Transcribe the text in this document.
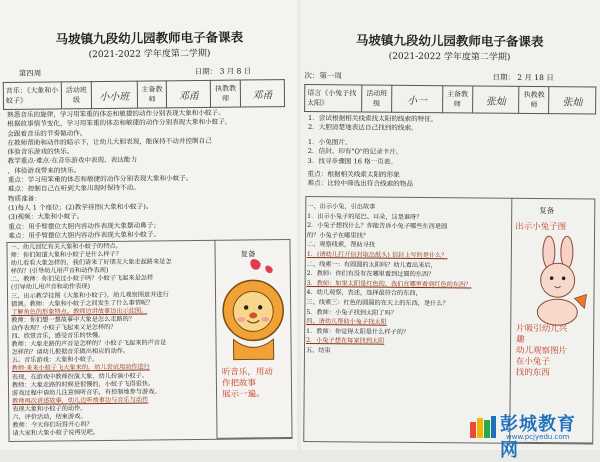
马坡镇九段幼儿园教师电子备课表
(2021-2022 学年度第二学期)
第四周	日期： 3 月 8 日
音乐：《大象和小蚊子》	活动班级	小小班	主备教师	邓甬	执教教师	邓甬
熟悉音乐的旋律，学习用笨重的体态和敏捷的动作分别表现大象和小蚊子。
根据故事情节变化，学习用笨重的体态和敏捷的动作分别表现大象和小蚊子，
会跟着音乐的节奏做动作。
在教师帮助和动作的暗示下，让幼儿大胆表现，能保持不动并控制自己
体验音乐游戏的快乐。
教学重点·难点·在音乐游戏中表现、表达能力
，体验游戏带来的快乐。
重点：学习用笨重的体态和敏捷的动作分别表现大象和小蚊子。
难点：控制自己在听到大象出现时保持不动。
物质准备：
(1)每人 1 个座位；(2)教学挂图(大象和小蚊子)。
(3)视频：大象和小蚊子。
重点：用手臂摆位大胆内容动作表现大象摆动鼻子；
难点：用手臂摆位大胆内容动作表现大象和小蚊子。
复备
一、幼儿回忆有关大象和小蚊子的特点。
师：你们知道大象和小蚊子是什么样子？
幼儿看看大象怎样的，我们请来了好朋友大象走起路来是怎
样的？(引导幼儿用声音和动作表现)
二、教师：你们见过小蚊子吗？小蚊子飞起来是怎样
(引导幼儿用声音和动作表现)
三、出示教学挂图《大象和小蚊子》，幼儿观察图意并进行
猜测。教师：大象和小蚊子之间发生了什么事情呢？
了解角色的形象特点。教师边讲故事边出示挂图。
教师：你们想一想故事中大象是怎么走路的？
动作表现？小蚊子飞起来又是怎样的？
四、欣赏音乐，感受音乐的快慢。
教师：大象走路的声音是怎样的？小蚊子飞起来的声音是
怎样的？请幼儿根据音乐做出相应的动作。
五、音乐游戏：大象和小蚊子。
教师·来来小蚊子飞大象来的，幼儿尝试用动作进行
表现，在游戏中教师扮演大象，幼儿扮演小蚊子。
教师：大象走路的时候是很慢的，小蚊子飞得很快。
游戏过程中请幼儿注意倾听音乐，有控制地参与游戏。
教师再次讲述故事，幼儿边听故事边与音乐与动作
表现大象和小蚊子的动作。
六、评价活动，结束游戏。
教师：今天你们玩得开心吗？
请大家和大象小蚊子说再见吧。
听音乐，用动
作把故事
展示一遍。
马坡镇九段幼儿园教师电子备课表
(2021-2022 学年度第二学期)
次：第一周	日期： 2 月 18 日
语言《小兔子找太阳》	活动班级	小一	主备教师	张灿	执教教师	张灿
1．尝试根据相关线索找太阳的线索的特征。
2．大胆清楚地表达自己找到的线索。
1．小兔图片。
2．信封、印有"O"的记录卡片。
3．找寻步骤图 16 格一页表。
重点：根据相关线索太阳的形象
难点：比较中筛选出符合线索的物品
复备
一、出示小兔，引出故事
1．出示小兔子的尾巴、耳朵，这是谁呀？
2．小兔子想找什么？你能告诉小兔子哪些东西是圆
的？小兔子在哪里找？
二、观察线索，帮助寻找
1．(请幼儿打开信封取出纸头) 信封上写的是什么？
二、线索一：有圆圆的太阳吗？幼儿看出来后，
2．教师：你们有没有在哪里看到过圆的东西？
3．教师：如果太阳是红色的，我们在哪里看到红色的东西？
4．幼儿观察，表述，选择最符合的东西，
三、线索三：红色的圆圆的在天上的东西，是什么？
5．教师：小兔子找到太阳了吗？
四、请幼儿帮助小兔子找太阳
1．教师：你觉得太阳是什么样子的？
2．小兔子想在每家找到太阳
五、结束
出示小兔子图
片吸引幼儿兴
趣
幼儿观察图片
在小兔子
找的东西
彭城教育网
www.pcjyedu.com
